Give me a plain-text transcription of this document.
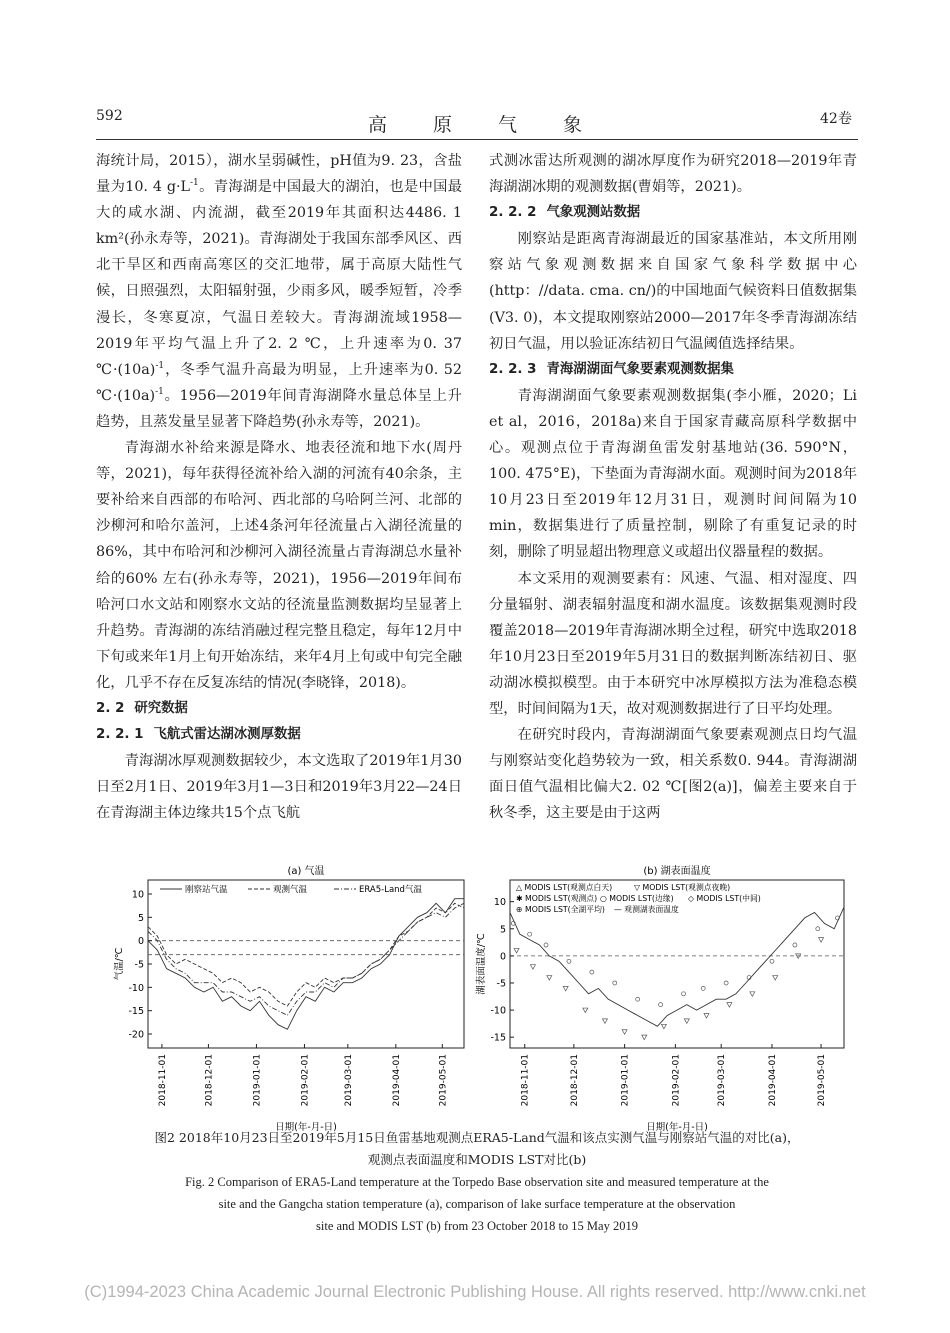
592	高 原 气 象	42卷

海统计局，2015），湖水呈弱碱性，pH值为9. 23，含盐量为10. 4 $g\cdot L^{-1}$。青海湖是中国最大的湖泊，也是中国最大的咸水湖、内流湖，截至2019年其面积达4486. 1 km²(孙永寿等，2021)。青海湖处于我国东部季风区、西北干旱区和西南高寒区的交汇地带，属于高原大陆性气候，日照强烈，太阳辐射强，少雨多风，暖季短暂，冷季漫长，冬寒夏凉，气温日差较大。青海湖流域1958—2019年平均气温上升了2. 2 ℃，上升速率为0. 37 $℃\cdot(10a)^{-1}$，冬季气温升高最为明显，上升速率为0. 52 $℃\cdot(10a)^{-1}$。1956—2019年间青海湖降水量总体呈上升趋势，且蒸发量呈显著下降趋势(孙永寿等，2021)。

青海湖水补给来源是降水、地表径流和地下水(周丹等，2021)，每年获得径流补给入湖的河流有40余条，主要补给来自西部的布哈河、西北部的乌哈阿兰河、北部的沙柳河和哈尔盖河，上述4条河年径流量占入湖径流量的86%，其中布哈河和沙柳河入湖径流量占青海湖总水量补给的60% 左右(孙永寿等，2021)，1956—2019年间布哈河口水文站和刚察水文站的径流量监测数据均呈显著上升趋势。青海湖的冻结消融过程完整且稳定，每年12月中下旬或来年1月上旬开始冻结，来年4月上旬或中旬完全融化，几乎不存在反复冻结的情况(李晓锋，2018)。

2. 2 研究数据

2. 2. 1 飞航式雷达湖冰测厚数据

青海湖冰厚观测数据较少，本文选取了2019年1月30日至2月1日、2019年3月1—3日和2019年3月22—24日在青海湖主体边缘共15个点飞航

式测冰雷达所观测的湖冰厚度作为研究2018—2019年青海湖湖冰期的观测数据(曹娟等，2021)。

2. 2. 2 气象观测站数据

刚察站是距离青海湖最近的国家基准站，本文所用刚察站气象观测数据来自国家气象科学数据中心(http：//data. cma. cn/)的中国地面气候资料日值数据集(V3. 0)，本文提取刚察站2000—2017年冬季青海湖冻结初日气温，用以验证冻结初日气温阈值选择结果。

2. 2. 3 青海湖湖面气象要素观测数据集

青海湖湖面气象要素观测数据集(李小雁，2020；Li et al，2016，2018a)来自于国家青藏高原科学数据中心。观测点位于青海湖鱼雷发射基地站(36. 590°N，100. 475°E)，下垫面为青海湖水面。观测时间为2018年10月23日至2019年12月31日，观测时间间隔为10 min，数据集进行了质量控制，剔除了有重复记录的时刻，删除了明显超出物理意义或超出仪器量程的数据。

本文采用的观测要素有：风速、气温、相对湿度、四分量辐射、湖表辐射温度和湖水温度。该数据集观测时段覆盖2018—2019年青海湖冰期全过程，研究中选取2018年10月23日至2019年5月31日的数据判断冻结初日、驱动湖冰模拟模型。由于本研究中冰厚模拟方法为准稳态模型，时间间隔为1天，故对观测数据进行了日平均处理。

在研究时段内，青海湖湖面气象要素观测点日均气温与刚察站变化趋势较为一致，相关系数0. 944。青海湖湖面日值气温相比偏大2. 02 ℃[图2(a)]，偏差主要来自于秋冬季，这主要是由于这两

(a) 气温
-20
-15
-10
-5
0
5
10
2018-11-01	2018-12-01	2019-01-01	2019-02-01	2019-03-01	2019-04-01	2019-05-01
日期(年-月-日)
气温/℃
刚察站气温	观测气温	ERA5-Land气温
(b) 湖表面温度
-15
-10
-5
0
5
10
2018-11-01	2018-12-01	2019-01-01	2019-02-01	2019-03-01	2019-04-01	2019-05-01
日期(年-月-日)
湖表面温度/℃
△ MODIS LST(观测点白天)	▽ MODIS LST(观测点夜晚)
✱ MODIS LST(观测点) ○ MODIS LST(边缘) ◇ MODIS LST(中间)
⊕ MODIS LST(全湖平均) — 观测湖表面温度
图2 2018年10月23日至2019年5月15日鱼雷基地观测点ERA5-Land气温和该点实测气温与刚察站气温的对比(a)，
观测点表面温度和MODIS LST对比(b)
Fig. 2 Comparison of ERA5-Land temperature at the Torpedo Base observation site and measured temperature at the
site and the Gangcha station temperature (a), comparison of lake surface temperature at the observation
site and MODIS LST (b) from 23 October 2018 to 15 May 2019
(C)1994-2023 China Academic Journal Electronic Publishing House. All rights reserved. http://www.cnki.net
